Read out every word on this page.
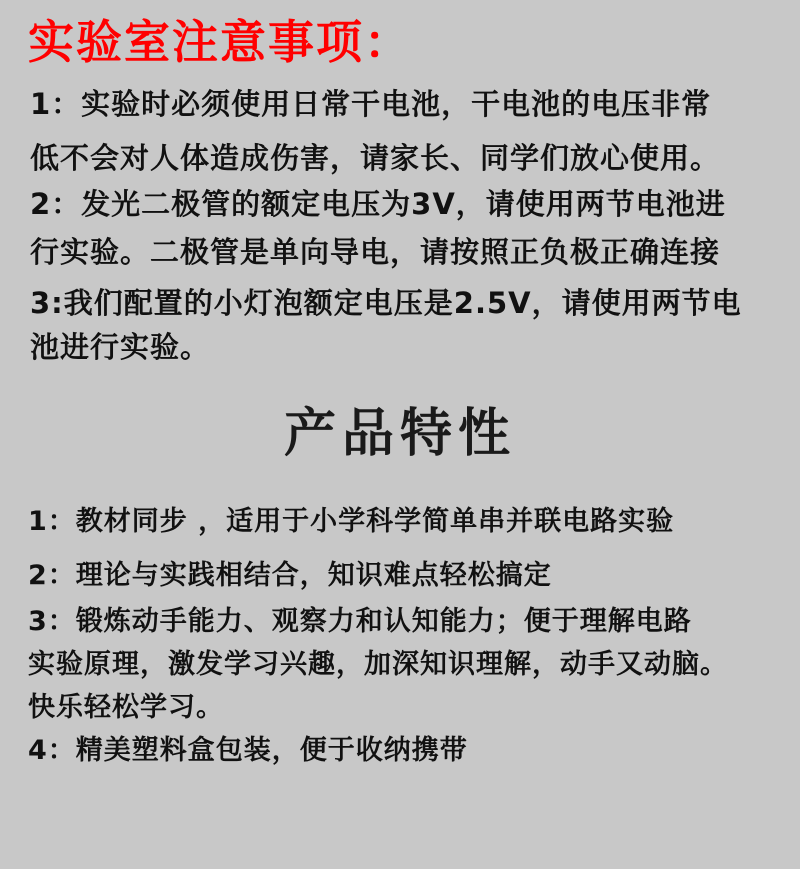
实验室注意事项：
1：实验时必须使用日常干电池，干电池的电压非常
低不会对人体造成伤害，请家长、同学们放心使用。
2：发光二极管的额定电压为3V，请使用两节电池进
行实验。二极管是单向导电，请按照正负极正确连接
3:我们配置的小灯泡额定电压是2.5V，请使用两节电
池进行实验。
产品特性
1：教材同步 ，适用于小学科学简单串并联电路实验
2：理论与实践相结合，知识难点轻松搞定
3：锻炼动手能力、观察力和认知能力；便于理解电路
实验原理，激发学习兴趣，加深知识理解，动手又动脑。
快乐轻松学习。
4：精美塑料盒包装，便于收纳携带
